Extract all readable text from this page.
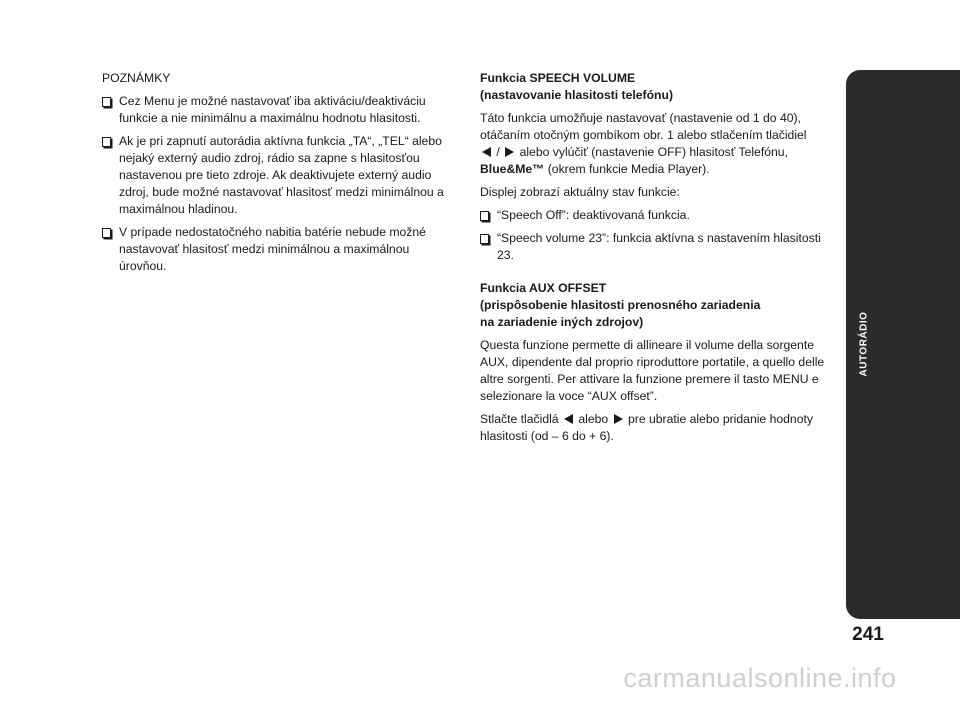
POZNÁMKY

Cez Menu je možné nastavovať iba aktiváciu/deaktiváciu funkcie a nie minimálnu a maximálnu hodnotu hlasitosti.
Ak je pri zapnutí autorádia aktívna funkcia „TA“, „TEL“ alebo nejaký externý audio zdroj, rádio sa zapne s hlasitosťou nastavenou pre tieto zdroje. Ak deaktivujete externý audio zdroj, bude možné nastavovať hlasitosť medzi minimálnou a maximálnou hladinou.
V prípade nedostatočného nabitia batérie nebude možné nastavovať hlasitosť medzi minimálnou a maximálnou úrovňou.
Funkcia SPEECH VOLUME
(nastavovanie hlasitosti telefónu)

Táto funkcia umožňuje nastavovať (nastavenie od 1 do 40), otáčaním otočným gombíkom obr. 1 alebo stlačením tlačidiel
/ alebo vylúčiť (nastavenie OFF) hlasitosť Telefónu,
Blue&Me™ (okrem funkcie Media Player).

Displej zobrazí aktuálny stav funkcie:

“Speech Off”: deaktivovaná funkcia.
“Speech volume 23”: funkcia aktívna s nastavením hlasitosti 23.
Funkcia AUX OFFSET
(prispôsobenie hlasitosti prenosného zariadenia
na zariadenie iných zdrojov)

Questa funzione permette di allineare il volume della sorgente AUX, dipendente dal proprio riproduttore portatile, a quello delle altre sorgenti. Per attivare la funzione premere il tasto MENU e selezionare la voce “AUX offset”.

Stlačte tlačidlá alebo pre ubratie alebo pridanie hodnoty hlasitosti (od – 6 do + 6).

AUTORÁDIO
241
carmanualsonline.info
